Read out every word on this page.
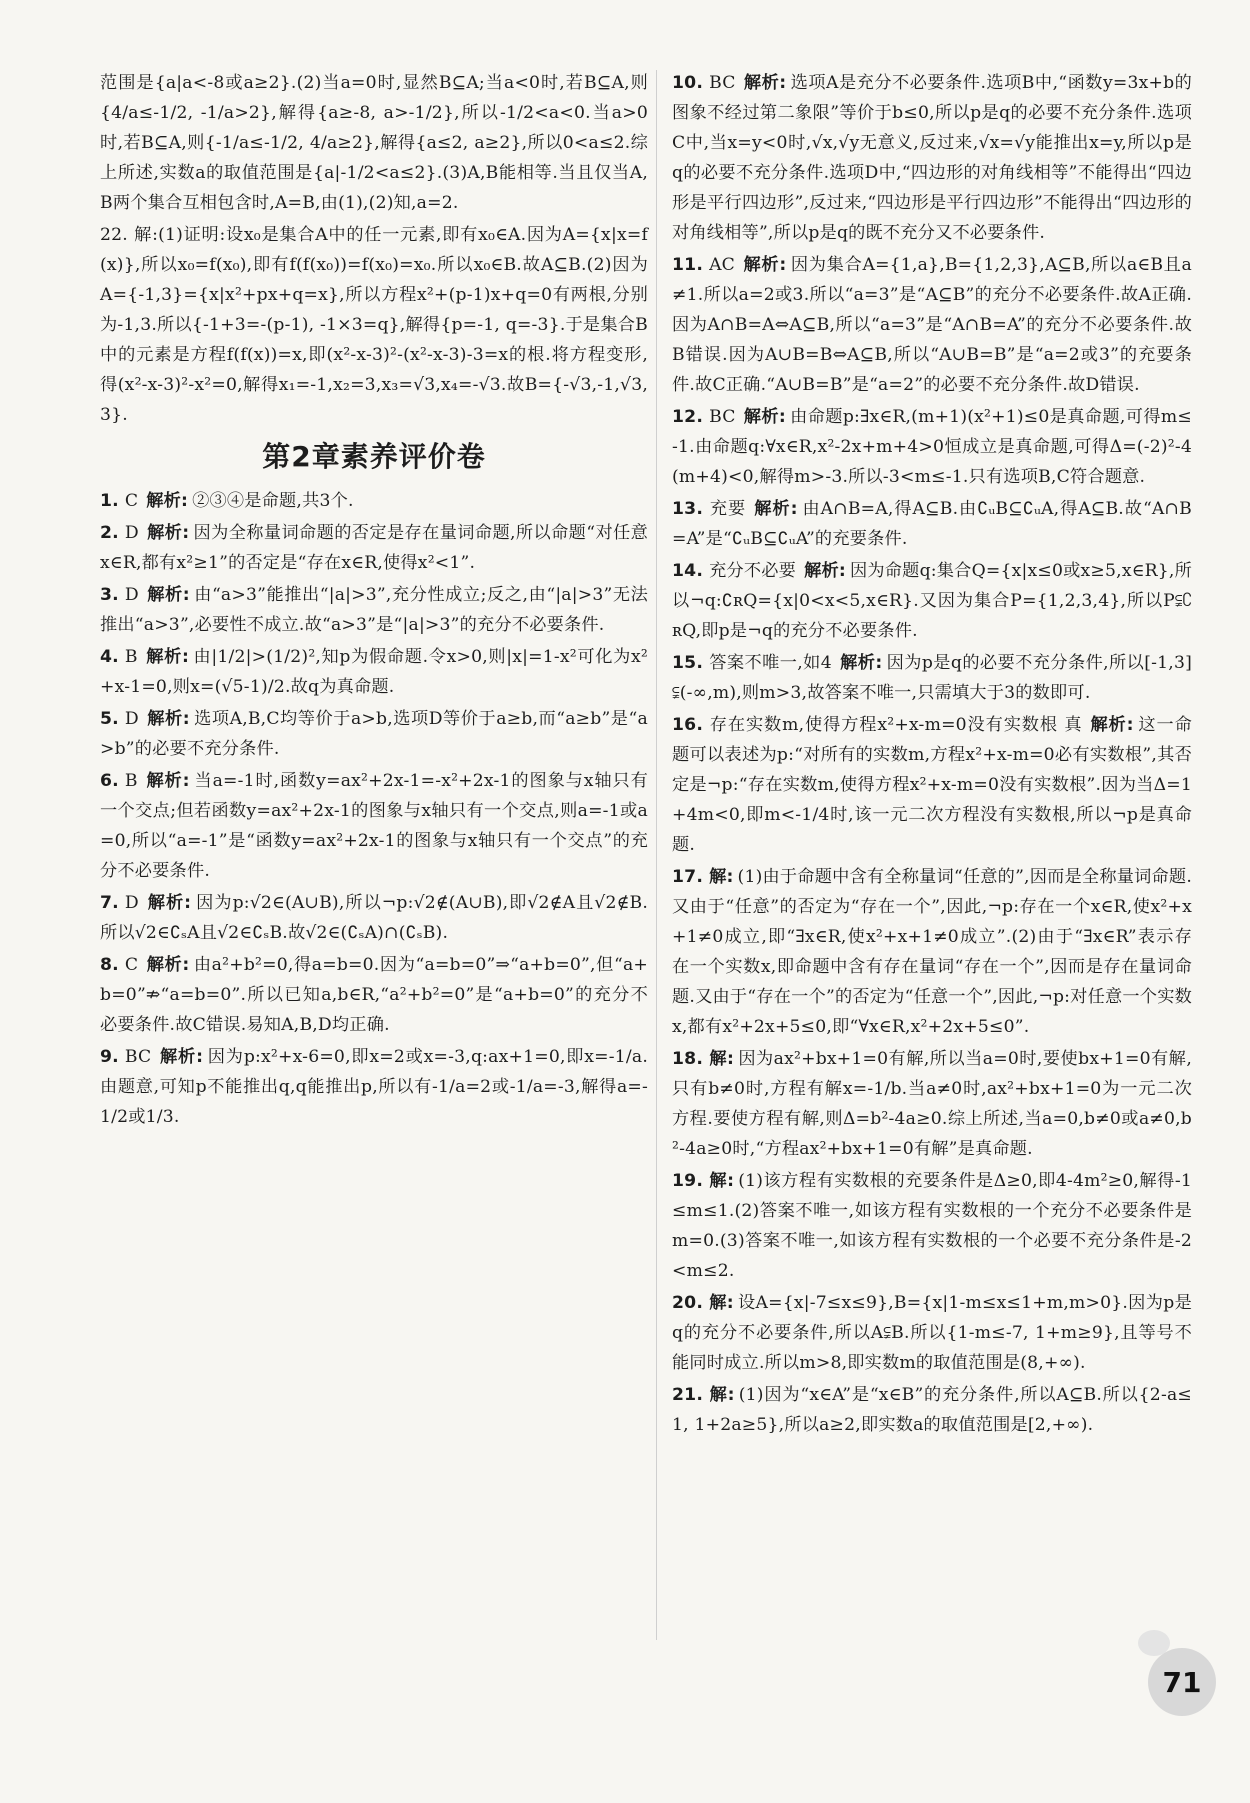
范围是{a|a<-8或a≥2}.(2)当a=0时,显然B⊆A;当a<0时,若B⊆A,则{4/a≤-1/2, -1/a>2},解得{a≥-8, a>-1/2},所以-1/2<a<0.当a>0时,若B⊆A,则{-1/a≤-1/2, 4/a≥2},解得{a≤2, a≥2},所以0<a≤2.综上所述,实数a的取值范围是{a|-1/2<a≤2}.(3)A,B能相等.当且仅当A,B两个集合互相包含时,A=B,由(1),(2)知,a=2.

22. 解:(1)证明:设x₀是集合A中的任一元素,即有x₀∈A.因为A={x|x=f(x)},所以x₀=f(x₀),即有f(f(x₀))=f(x₀)=x₀.所以x₀∈B.故A⊆B.(2)因为A={-1,3}={x|x²+px+q=x},所以方程x²+(p-1)x+q=0有两根,分别为-1,3.所以{-1+3=-(p-1), -1×3=q},解得{p=-1, q=-3}.于是集合B中的元素是方程f(f(x))=x,即(x²-x-3)²-(x²-x-3)-3=x的根.将方程变形,得(x²-x-3)²-x²=0,解得x₁=-1,x₂=3,x₃=√3,x₄=-√3.故B={-√3,-1,√3,3}.

第2章素养评价卷

1. C 解析: ②③④是命题,共3个.

2. D 解析: 因为全称量词命题的否定是存在量词命题,所以命题“对任意x∈R,都有x²≥1”的否定是“存在x∈R,使得x²<1”.

3. D 解析: 由“a>3”能推出“|a|>3”,充分性成立;反之,由“|a|>3”无法推出“a>3”,必要性不成立.故“a>3”是“|a|>3”的充分不必要条件.

4. B 解析: 由|1/2|>(1/2)²,知p为假命题.令x>0,则|x|=1-x²可化为x²+x-1=0,则x=(√5-1)/2.故q为真命题.

5. D 解析: 选项A,B,C均等价于a>b,选项D等价于a≥b,而“a≥b”是“a>b”的必要不充分条件.

6. B 解析: 当a=-1时,函数y=ax²+2x-1=-x²+2x-1的图象与x轴只有一个交点;但若函数y=ax²+2x-1的图象与x轴只有一个交点,则a=-1或a=0,所以“a=-1”是“函数y=ax²+2x-1的图象与x轴只有一个交点”的充分不必要条件.

7. D 解析: 因为p:√2∈(A∪B),所以¬p:√2∉(A∪B),即√2∉A且√2∉B.所以√2∈∁ₛA且√2∈∁ₛB.故√2∈(∁ₛA)∩(∁ₛB).

8. C 解析: 由a²+b²=0,得a=b=0.因为“a=b=0”⇒“a+b=0”,但“a+b=0”⇏“a=b=0”.所以已知a,b∈R,“a²+b²=0”是“a+b=0”的充分不必要条件.故C错误.易知A,B,D均正确.

9. BC 解析: 因为p:x²+x-6=0,即x=2或x=-3,q:ax+1=0,即x=-1/a.由题意,可知p不能推出q,q能推出p,所以有-1/a=2或-1/a=-3,解得a=-1/2或1/3.

10. BC 解析: 选项A是充分不必要条件.选项B中,“函数y=3x+b的图象不经过第二象限”等价于b≤0,所以p是q的必要不充分条件.选项C中,当x=y<0时,√x,√y无意义,反过来,√x=√y能推出x=y,所以p是q的必要不充分条件.选项D中,“四边形的对角线相等”不能得出“四边形是平行四边形”,反过来,“四边形是平行四边形”不能得出“四边形的对角线相等”,所以p是q的既不充分又不必要条件.

11. AC 解析: 因为集合A={1,a},B={1,2,3},A⊆B,所以a∈B且a≠1.所以a=2或3.所以“a=3”是“A⊆B”的充分不必要条件.故A正确.因为A∩B=A⇔A⊆B,所以“a=3”是“A∩B=A”的充分不必要条件.故B错误.因为A∪B=B⇔A⊆B,所以“A∪B=B”是“a=2或3”的充要条件.故C正确.“A∪B=B”是“a=2”的必要不充分条件.故D错误.

12. BC 解析: 由命题p:∃x∈R,(m+1)(x²+1)≤0是真命题,可得m≤-1.由命题q:∀x∈R,x²-2x+m+4>0恒成立是真命题,可得Δ=(-2)²-4(m+4)<0,解得m>-3.所以-3<m≤-1.只有选项B,C符合题意.

13. 充要 解析: 由A∩B=A,得A⊆B.由∁ᵤB⊆∁ᵤA,得A⊆B.故“A∩B=A”是“∁ᵤB⊆∁ᵤA”的充要条件.

14. 充分不必要 解析: 因为命题q:集合Q={x|x≤0或x≥5,x∈R},所以¬q:∁ʀQ={x|0<x<5,x∈R}.又因为集合P={1,2,3,4},所以P⫋∁ʀQ,即p是¬q的充分不必要条件.

15. 答案不唯一,如4 解析: 因为p是q的必要不充分条件,所以[-1,3]⫋(-∞,m),则m>3,故答案不唯一,只需填大于3的数即可.

16. 存在实数m,使得方程x²+x-m=0没有实数根 真 解析: 这一命题可以表述为p:“对所有的实数m,方程x²+x-m=0必有实数根”,其否定是¬p:“存在实数m,使得方程x²+x-m=0没有实数根”.因为当Δ=1+4m<0,即m<-1/4时,该一元二次方程没有实数根,所以¬p是真命题.

17. 解: (1)由于命题中含有全称量词“任意的”,因而是全称量词命题.又由于“任意”的否定为“存在一个”,因此,¬p:存在一个x∈R,使x²+x+1≠0成立,即“∃x∈R,使x²+x+1≠0成立”.(2)由于“∃x∈R”表示存在一个实数x,即命题中含有存在量词“存在一个”,因而是存在量词命题.又由于“存在一个”的否定为“任意一个”,因此,¬p:对任意一个实数x,都有x²+2x+5≤0,即“∀x∈R,x²+2x+5≤0”.

18. 解: 因为ax²+bx+1=0有解,所以当a=0时,要使bx+1=0有解,只有b≠0时,方程有解x=-1/b.当a≠0时,ax²+bx+1=0为一元二次方程.要使方程有解,则Δ=b²-4a≥0.综上所述,当a=0,b≠0或a≠0,b²-4a≥0时,“方程ax²+bx+1=0有解”是真命题.

19. 解: (1)该方程有实数根的充要条件是Δ≥0,即4-4m²≥0,解得-1≤m≤1.(2)答案不唯一,如该方程有实数根的一个充分不必要条件是m=0.(3)答案不唯一,如该方程有实数根的一个必要不充分条件是-2<m≤2.

20. 解: 设A={x|-7≤x≤9},B={x|1-m≤x≤1+m,m>0}.因为p是q的充分不必要条件,所以A⫋B.所以{1-m≤-7, 1+m≥9},且等号不能同时成立.所以m>8,即实数m的取值范围是(8,+∞).

21. 解: (1)因为“x∈A”是“x∈B”的充分条件,所以A⊆B.所以{2-a≤1, 1+2a≥5},所以a≥2,即实数a的取值范围是[2,+∞).

71
